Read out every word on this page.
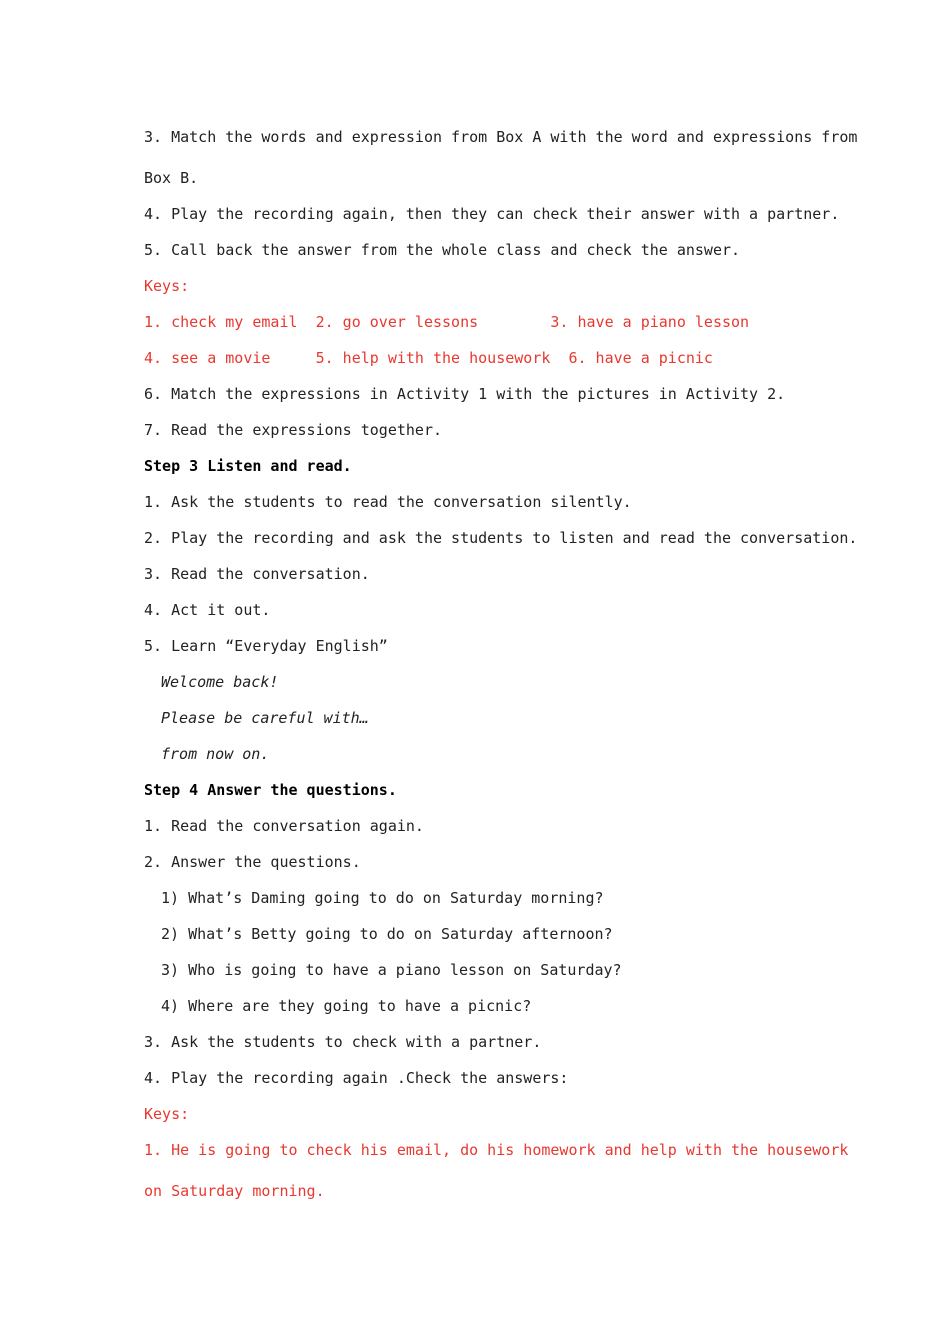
3. Match the words and expression from Box A with the word and expressions from
Box B.
4. Play the recording again, then they can check their answer with a partner.
5. Call back the answer from the whole class and check the answer.
Keys:
1. check my email  2. go over lessons        3. have a piano lesson
4. see a movie     5. help with the housework  6. have a picnic
6. Match the expressions in Activity 1 with the pictures in Activity 2.
7. Read the expressions together.
Step 3 Listen and read.
1. Ask the students to read the conversation silently.
2. Play the recording and ask the students to listen and read the conversation.
3. Read the conversation.
4. Act it out.
5. Learn “Everyday English”
Welcome back!
Please be careful with…
from now on.
Step 4 Answer the questions.
1. Read the conversation again.
2. Answer the questions.
1) What’s Daming going to do on Saturday morning?
2) What’s Betty going to do on Saturday afternoon?
3) Who is going to have a piano lesson on Saturday?
4) Where are they going to have a picnic?
3. Ask the students to check with a partner.
4. Play the recording again .Check the answers:
Keys:
1. He is going to check his email, do his homework and help with the housework
on Saturday morning.
